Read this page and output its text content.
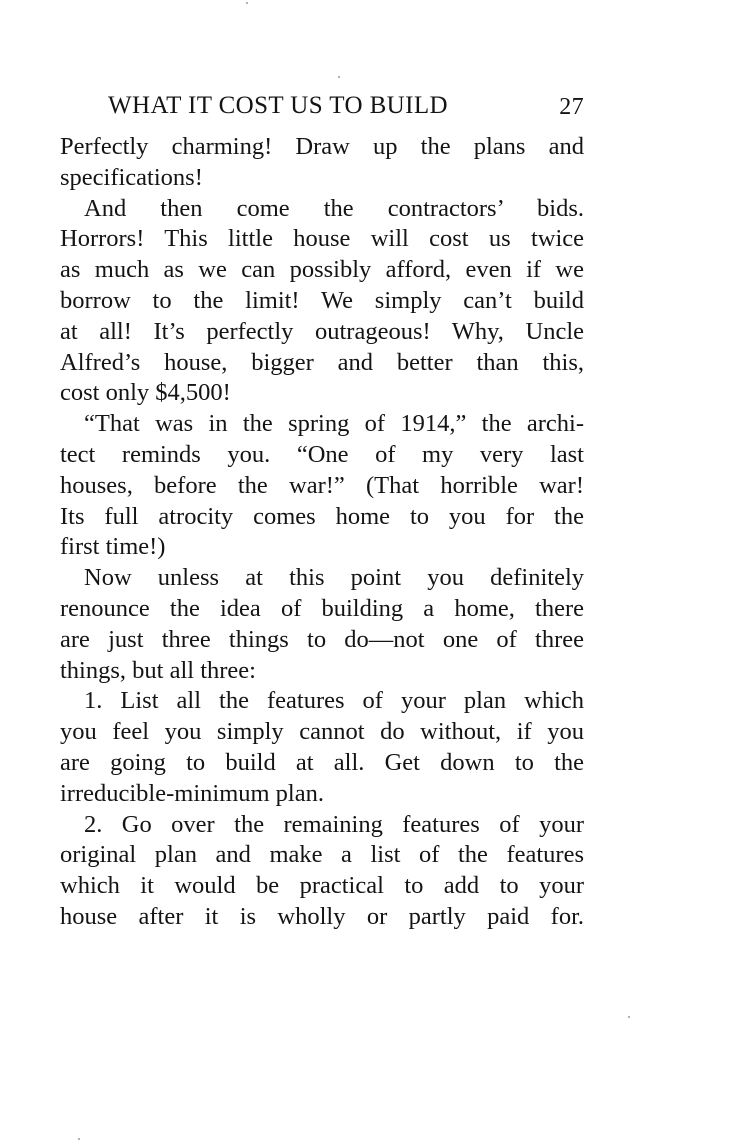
WHAT IT COST US TO BUILD	27
Perfectly charming! Draw up the plans and
specifications!
And then come the contractors’ bids.
Horrors! This little house will cost us twice
as much as we can possibly afford, even if we
borrow to the limit! We simply can’t build
at all! It’s perfectly outrageous! Why, Uncle
Alfred’s house, bigger and better than this,
cost only $4,500!
“That was in the spring of 1914,” the archi-
tect reminds you. “One of my very last
houses, before the war!” (That horrible war!
Its full atrocity comes home to you for the
first time!)
Now unless at this point you definitely
renounce the idea of building a home, there
are just three things to do—not one of three
things, but all three:
1. List all the features of your plan which
you feel you simply cannot do without, if you
are going to build at all. Get down to the
irreducible-minimum plan.
2. Go over the remaining features of your
original plan and make a list of the features
which it would be practical to add to your
house after it is wholly or partly paid for.
